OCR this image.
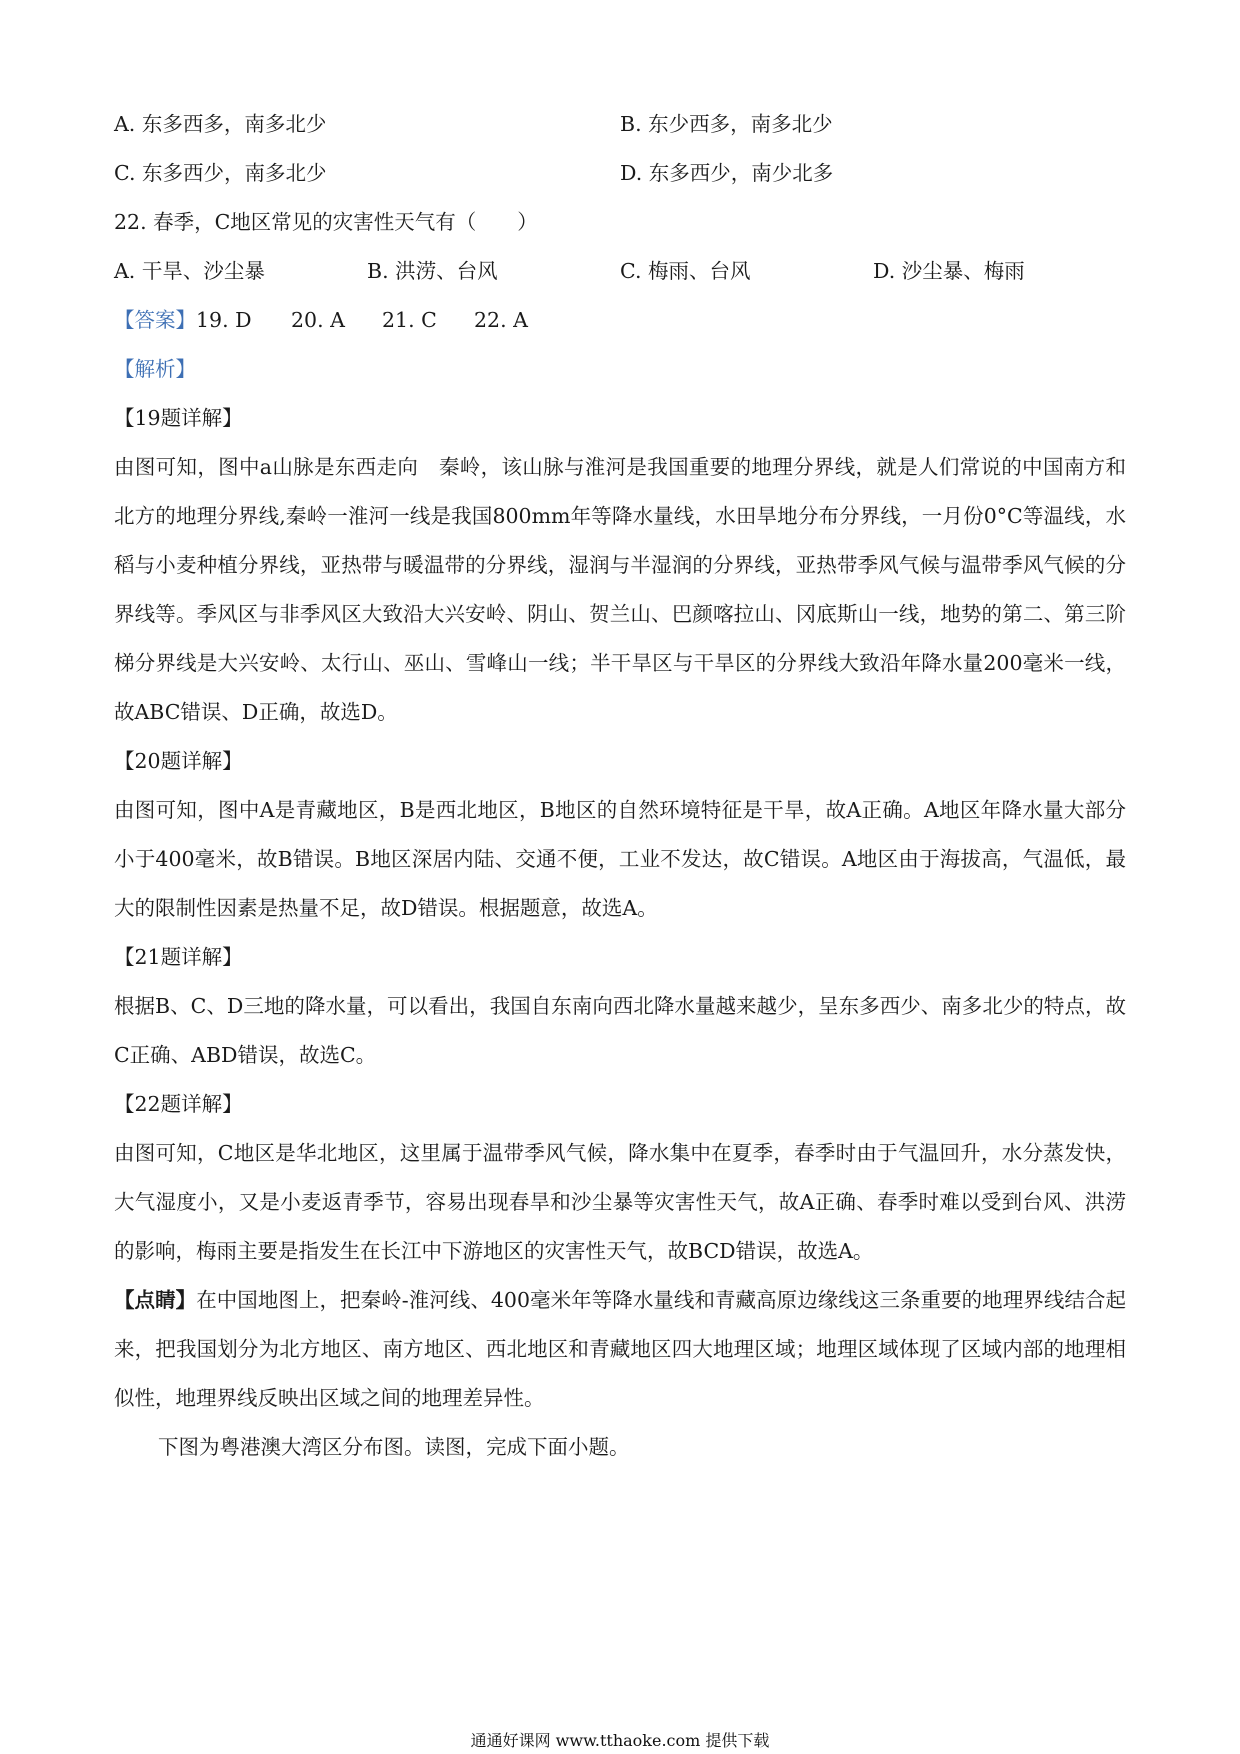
A. 东多西多，南多北少	B. 东少西多，南多北少
C. 东多西少，南多北少	D. 东多西少，南少北多
22. 春季，C地区常见的灾害性天气有（　　）
A. 干旱、沙尘暴	B. 洪涝、台风	C. 梅雨、台风	D. 沙尘暴、梅雨
【答案】 19. D 20. A 21. C 22. A
【解析】
【19题详解】
由图可知，图中a山脉是东西走向　秦岭，该山脉与淮河是我国重要的地理分界线，就是人们常说的中国南方和北方的地理分界线,秦岭一淮河一线是我国800mm年等降水量线，水田旱地分布分界线，一月份0°C等温线，水稻与小麦种植分界线，亚热带与暖温带的分界线，湿润与半湿润的分界线，亚热带季风气候与温带季风气候的分界线等。季风区与非季风区大致沿大兴安岭、阴山、贺兰山、巴颜喀拉山、冈底斯山一线，地势的第二、第三阶梯分界线是大兴安岭、太行山、巫山、雪峰山一线；半干旱区与干旱区的分界线大致沿年降水量200毫米一线，故ABC错误、D正确，故选D。
【20题详解】
由图可知，图中A是青藏地区，B是西北地区，B地区的自然环境特征是干旱，故A正确。A地区年降水量大部分小于400毫米，故B错误。B地区深居内陆、交通不便，工业不发达，故C错误。A地区由于海拔高，气温低，最大的限制性因素是热量不足，故D错误。根据题意，故选A。
【21题详解】
根据B、C、D三地的降水量，可以看出，我国自东南向西北降水量越来越少，呈东多西少、南多北少的特点，故C正确、ABD错误，故选C。
【22题详解】
由图可知，C地区是华北地区，这里属于温带季风气候，降水集中在夏季，春季时由于气温回升，水分蒸发快，大气湿度小，又是小麦返青季节，容易出现春旱和沙尘暴等灾害性天气，故A正确、春季时难以受到台风、洪涝的影响，梅雨主要是指发生在长江中下游地区的灾害性天气，故BCD错误，故选A。
【点睛】在中国地图上，把秦岭-淮河线、400毫米年等降水量线和青藏高原边缘线这三条重要的地理界线结合起来，把我国划分为北方地区、南方地区、西北地区和青藏地区四大地理区域；地理区域体现了区域内部的地理相似性，地理界线反映出区域之间的地理差异性。
下图为粤港澳大湾区分布图。读图，完成下面小题。
通通好课网 www.tthaoke.com 提供下载
